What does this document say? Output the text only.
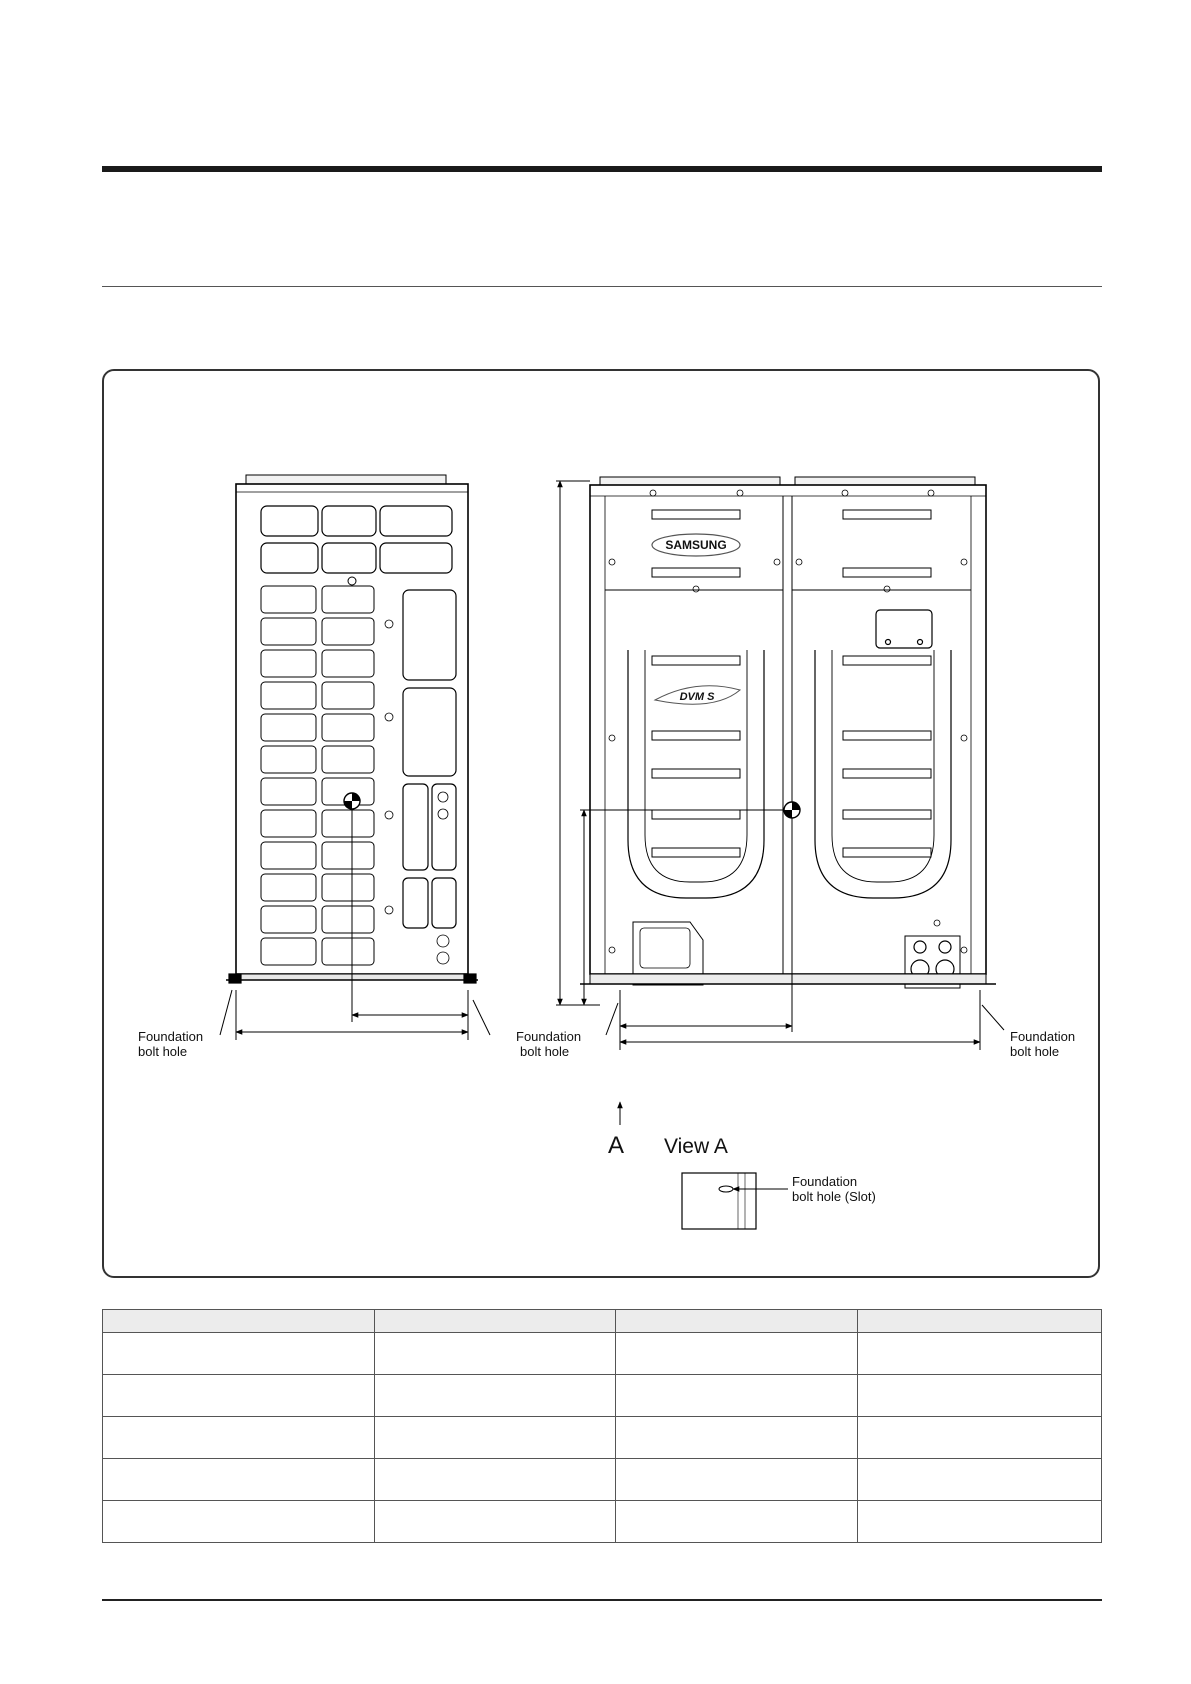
SAMSUNG
DVM S
Foundation
bolt hole
Foundation
bolt hole
Foundation
bolt hole
A View A
Foundation
bolt hole (Slot)
